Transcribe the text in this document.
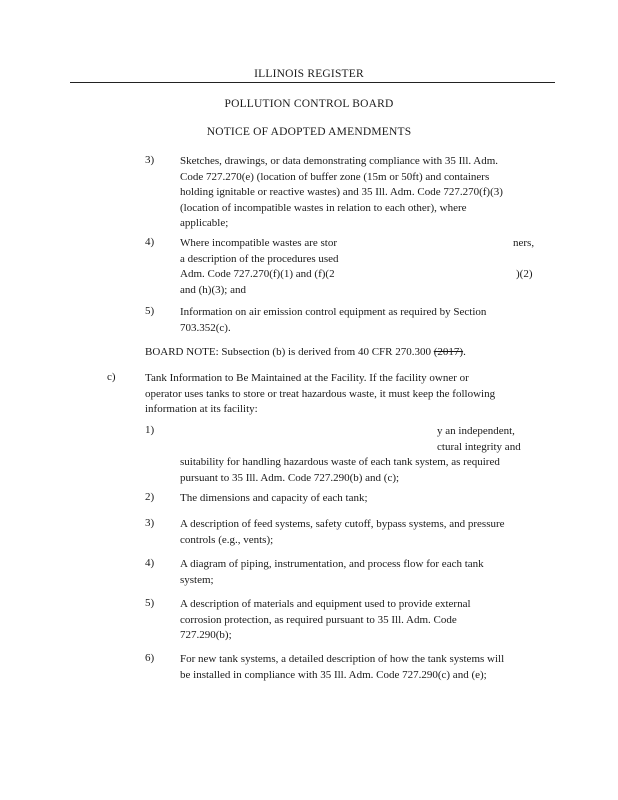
ILLINOIS REGISTER
POLLUTION CONTROL BOARD
NOTICE OF ADOPTED AMENDMENTS
3) Sketches, drawings, or data demonstrating compliance with 35 Ill. Adm.
Code 727.270(e) (location of buffer zone (15m or 50ft) and containers
holding ignitable or reactive wastes) and 35 Ill. Adm. Code 727.270(f)(3)
(location of incompatible wastes in relation to each other), where
applicable;
4) Where incompatible wastes are stor	ners,
a description of the procedures used
Adm. Code 727.270(f)(1) and (f)(2	)(2)
and (h)(3); and
5) Information on air emission control equipment as required by Section
703.352(c).
BOARD NOTE: Subsection (b) is derived from 40 CFR 270.300 (2017).
c)	Tank Information to Be Maintained at the Facility. If the facility owner or
operator uses tanks to store or treat hazardous waste, it must keep the following
information at its facility:
1)	y an independent,
ctural integrity and
suitability for handling hazardous waste of each tank system, as required
pursuant to 35 Ill. Adm. Code 727.290(b) and (c);
2) The dimensions and capacity of each tank;
3) A description of feed systems, safety cutoff, bypass systems, and pressure
controls (e.g., vents);
4) A diagram of piping, instrumentation, and process flow for each tank
system;
5) A description of materials and equipment used to provide external
corrosion protection, as required pursuant to 35 Ill. Adm. Code
727.290(b);
6) For new tank systems, a detailed description of how the tank systems will
be installed in compliance with 35 Ill. Adm. Code 727.290(c) and (e);
